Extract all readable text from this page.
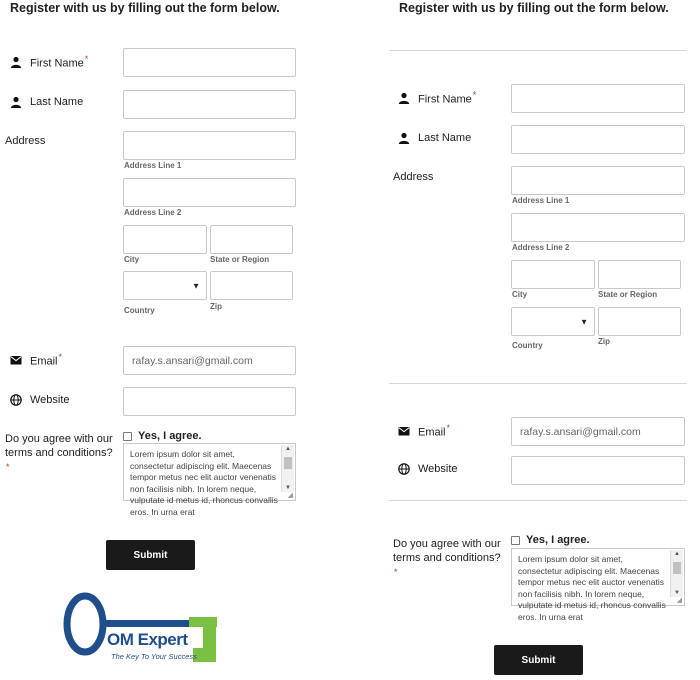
Register with us by filling out the form below.
First Name*
Last Name
Address
Address Line 1
Address Line 2
City	State or Region
▼
Country	Zip
Email*	rafay.s.ansari@gmail.com
Website
Do you agree with our terms and conditions?*
Yes, I agree.
Lorem ipsum dolor sit amet, consectetur adipiscing elit. Maecenas tempor metus nec elit auctor venenatis non facilisis nibh. In lorem neque, vulputate id metus id, rhoncus convallis eros. In urna erat
▲
▼
◢
Submit
OM Expert
The Key To Your Success
Register with us by filling out the form below.
First Name*
Last Name
Address
Address Line 1
Address Line 2
City	State or Region
▼
Country	Zip
Email*	rafay.s.ansari@gmail.com
Website
Do you agree with our terms and conditions?*
Yes, I agree.
Lorem ipsum dolor sit amet, consectetur adipiscing elit. Maecenas tempor metus nec elit auctor venenatis non facilisis nibh. In lorem neque, vulputate id metus id, rhoncus convallis eros. In urna erat
▲
▼
◢
Submit
